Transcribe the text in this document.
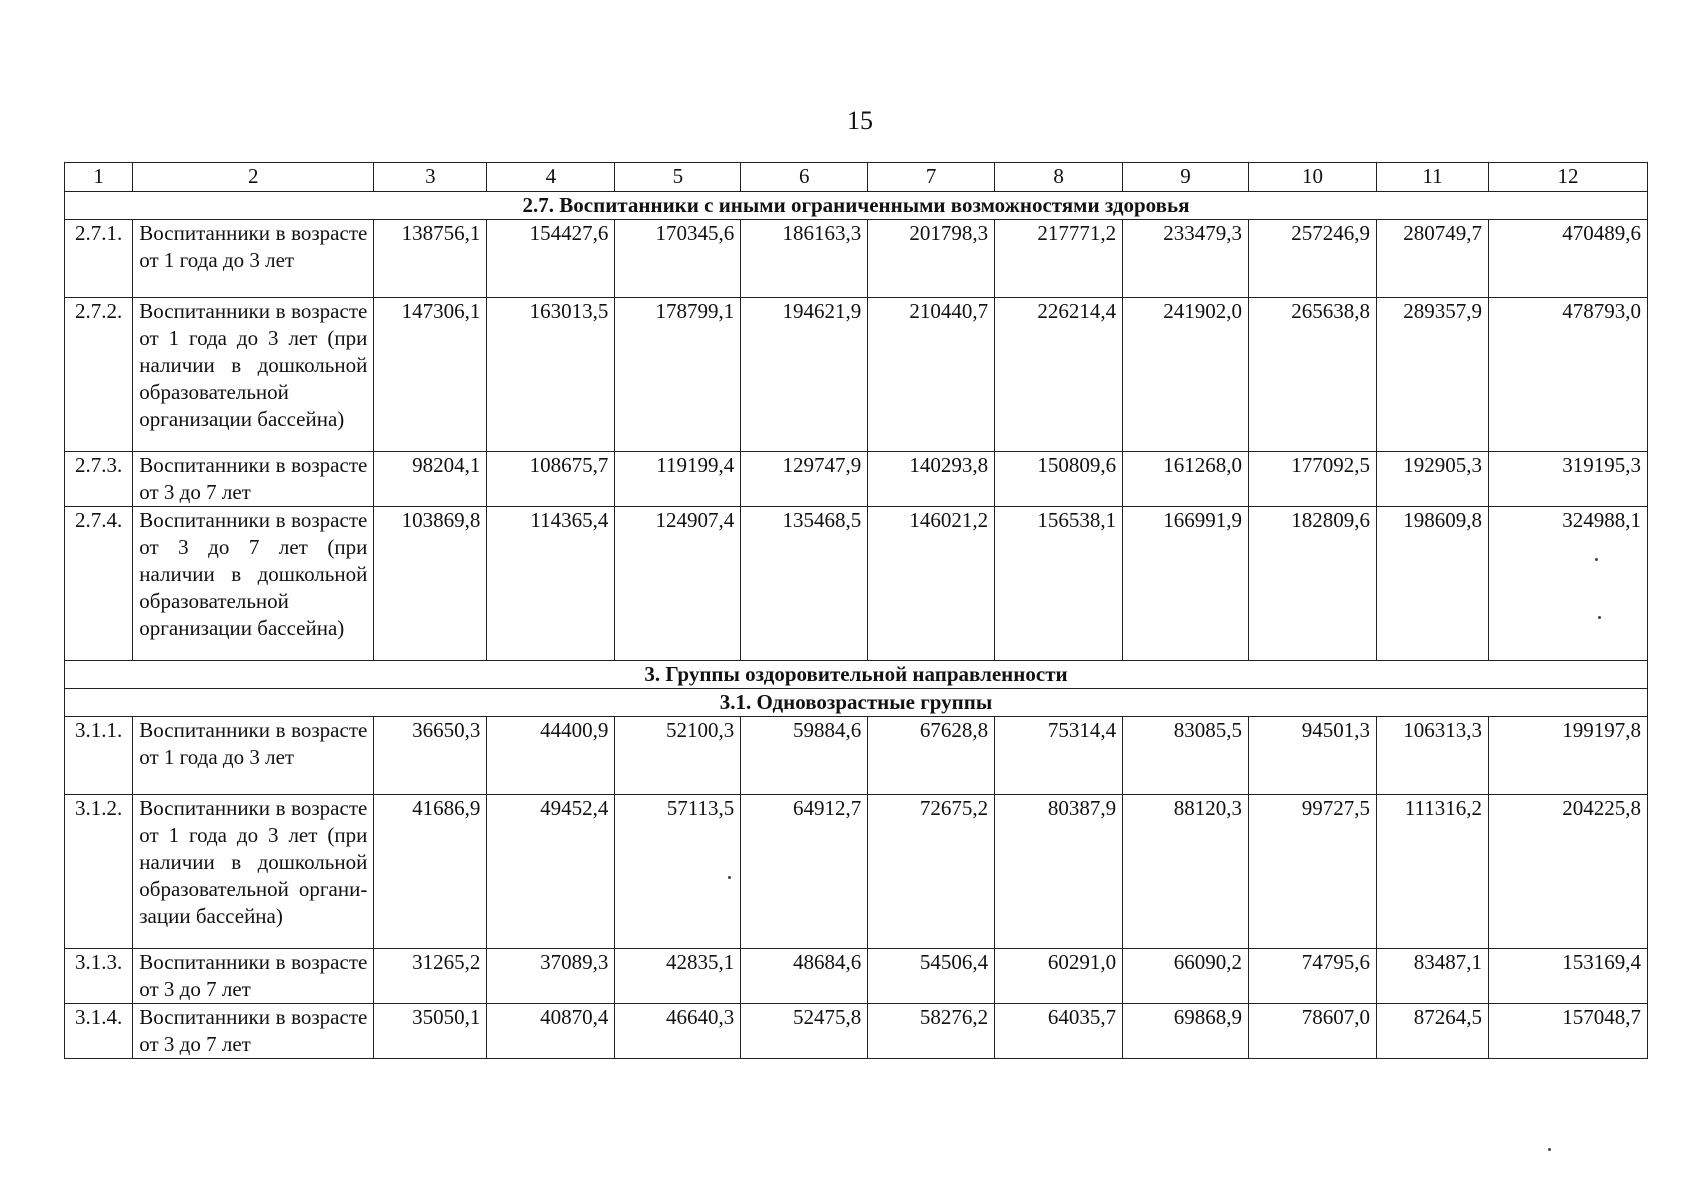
15
1	2	3	4	5	6	7	8	9	10	11	12
2.7. Воспитанники с иными ограниченными возможностями здоровья											
2.7.1.	Воспитанники в возрасте от 1 года до 3 лет	138756,1	154427,6	170345,6	186163,3	201798,3	217771,2	233479,3	257246,9	280749,7	470489,6
2.7.2.	Воспитанники в возрасте от 1 года до 3 лет (при наличии в дошкольной образовательной организации бассейна)	147306,1	163013,5	178799,1	194621,9	210440,7	226214,4	241902,0	265638,8	289357,9	478793,0
2.7.3.	Воспитанники в возрасте от 3 до 7 лет	98204,1	108675,7	119199,4	129747,9	140293,8	150809,6	161268,0	177092,5	192905,3	319195,3
2.7.4.	Воспитанники в возрасте от 3 до 7 лет (при наличии в дошкольной образовательной организации бассейна)	103869,8	114365,4	124907,4	135468,5	146021,2	156538,1	166991,9	182809,6	198609,8	324988,1
3. Группы оздоровительной направленности											
3.1. Одновозрастные группы											
3.1.1.	Воспитанники в возрасте от 1 года до 3 лет	36650,3	44400,9	52100,3	59884,6	67628,8	75314,4	83085,5	94501,3	106313,3	199197,8
3.1.2.	Воспитанники в возрасте от 1 года до 3 лет (при наличии в дошкольной образовательной организации бассейна)	41686,9	49452,4	57113,5	64912,7	72675,2	80387,9	88120,3	99727,5	111316,2	204225,8
3.1.3.	Воспитанники в возрасте от 3 до 7 лет	31265,2	37089,3	42835,1	48684,6	54506,4	60291,0	66090,2	74795,6	83487,1	153169,4
3.1.4.	Воспитанники в возрасте от 3 до 7 лет	35050,1	40870,4	46640,3	52475,8	58276,2	64035,7	69868,9	78607,0	87264,5	157048,7
